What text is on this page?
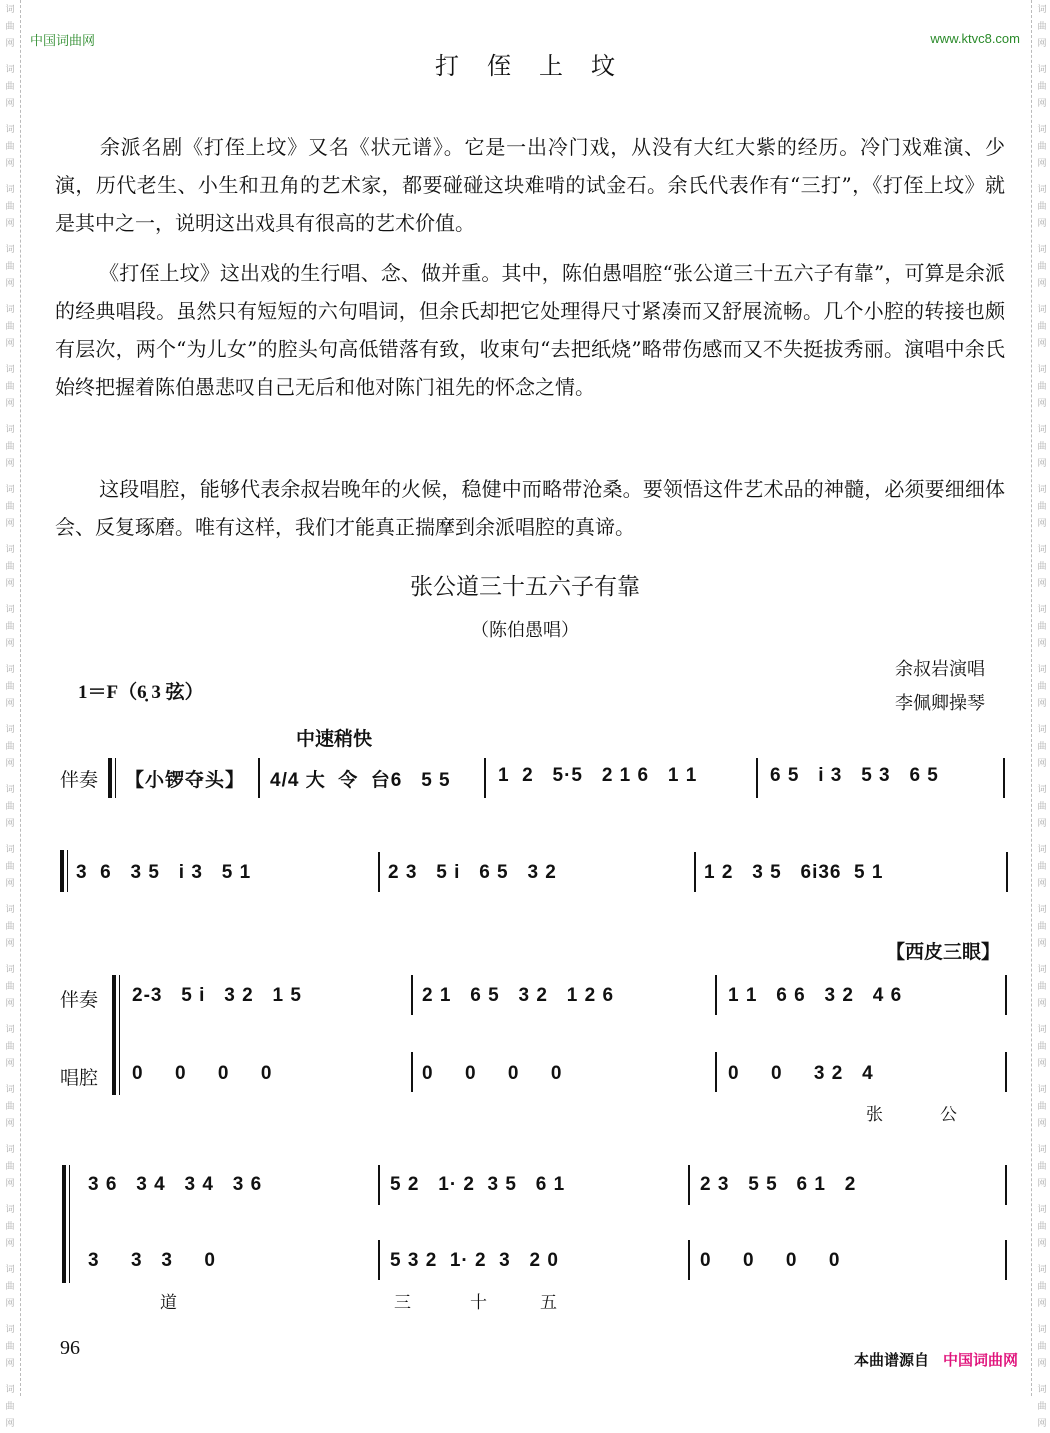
词
曲
网
词
曲
网
词
曲
网
词
曲
网
词
曲
网
词
曲
网
词
曲
网
词
曲
网
词
曲
网
词
曲
网
词
曲
网
词
曲
网
词
曲
网
词
曲
网
词
曲
网
词
曲
网
词
曲
网
词
曲
网
词
曲
网
词
曲
网
词
曲
网
词
曲
网
词
曲
网
词
曲
网
词
曲
网
词
曲
网
词
曲
网
词
曲
网
词
曲
网
词
曲
网
词
曲
网
词
曲
网
词
曲
网
词
曲
网
词
曲
网
词
曲
网
词
曲
网
词
曲
网
词
曲
网
词
曲
网
词
曲
网
词
曲
网
词
曲
网
词
曲
网
词
曲
网
词
曲
网
词
曲
网
词
曲
网
中国词曲网	www.ktvc8.com
打侄上坟
余派名剧《打侄上坟》又名《状元谱》。它是一出冷门戏，从没有大红大紫的经历。冷门戏难演、少演，历代老生、小生和丑角的艺术家，都要碰碰这块难啃的试金石。余氏代表作有“三打”，《打侄上坟》就是其中之一，说明这出戏具有很高的艺术价值。
《打侄上坟》这出戏的生行唱、念、做并重。其中，陈伯愚唱腔“张公道三十五六子有靠”，可算是余派的经典唱段。虽然只有短短的六句唱词，但余氏却把它处理得尺寸紧凑而又舒展流畅。几个小腔的转接也颇有层次，两个“为儿女”的腔头句高低错落有致，收束句“去把纸烧”略带伤感而又不失挺拔秀丽。演唱中余氏始终把握着陈伯愚悲叹自己无后和他对陈门祖先的怀念之情。
这段唱腔，能够代表余叔岩晚年的火候，稳健中而略带沧桑。要领悟这件艺术品的神髓，必须要细细体会、反复琢磨。唯有这样，我们才能真正揣摩到余派唱腔的真谛。
张公道三十五六子有靠
（陈伯愚唱）
1＝F（6̣ 3 弦）
余叔岩演唱
李佩卿操琴
中速稍快
伴奏 【小锣夺头】 4/4 大  令  台6   5 5 1  2   5·5   2 1 6   1 1	6 5   i 3   5 3   6 5
3  6   3 5   i 3   5 1	2 3   5 i   6 5   3 2	1 2   3 5   6i36  5 1
【西皮三眼】
伴奏
唱腔
2-3   5 i   3 2   1 5
0     0     0     0
2 1   6 5   3 2   1 2 6
0     0     0     0
1 1   6 6   3 2   4 6
0     0     3 2   4
张	公
3 6   3 4   3 4   3 6
3     3   3     0
5 2   1· 2  3 5   6 1
5 3 2  1· 2  3   2 0
2 3   5 5   6 1   2
0     0     0     0
道	三	十	五
96
本曲谱源自 中国词曲网
